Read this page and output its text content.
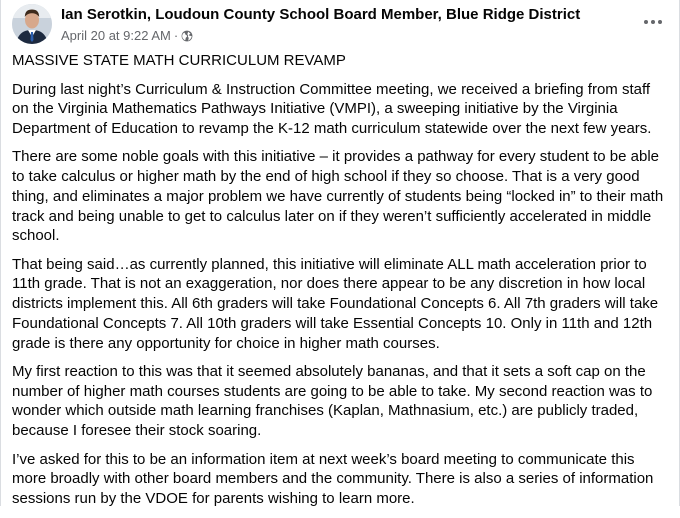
Ian Serotkin, Loudoun County School Board Member, Blue Ridge District
April 20 at 9:22 AM ·

MASSIVE STATE MATH CURRICULUM REVAMP

During last night’s Curriculum & Instruction Committee meeting, we received a briefing from staff on the Virginia Mathematics Pathways Initiative (VMPI), a sweeping initiative by the Virginia Department of Education to revamp the K-12 math curriculum statewide over the next few years.

There are some noble goals with this initiative – it provides a pathway for every student to be able to take calculus or higher math by the end of high school if they so choose. That is a very good thing, and eliminates a major problem we have currently of students being “locked in” to their math track and being unable to get to calculus later on if they weren’t sufficiently accelerated in middle school.

That being said…as currently planned, this initiative will eliminate ALL math acceleration prior to 11th grade. That is not an exaggeration, nor does there appear to be any discretion in how local districts implement this. All 6th graders will take Foundational Concepts 6. All 7th graders will take Foundational Concepts 7. All 10th graders will take Essential Concepts 10. Only in 11th and 12th grade is there any opportunity for choice in higher math courses.

My first reaction to this was that it seemed absolutely bananas, and that it sets a soft cap on the number of higher math courses students are going to be able to take. My second reaction was to wonder which outside math learning franchises (Kaplan, Mathnasium, etc.) are publicly traded, because I foresee their stock soaring.

I’ve asked for this to be an information item at next week’s board meeting to communicate this more broadly with other board members and the community. There is also a series of information sessions run by the VDOE for parents wishing to learn more.
